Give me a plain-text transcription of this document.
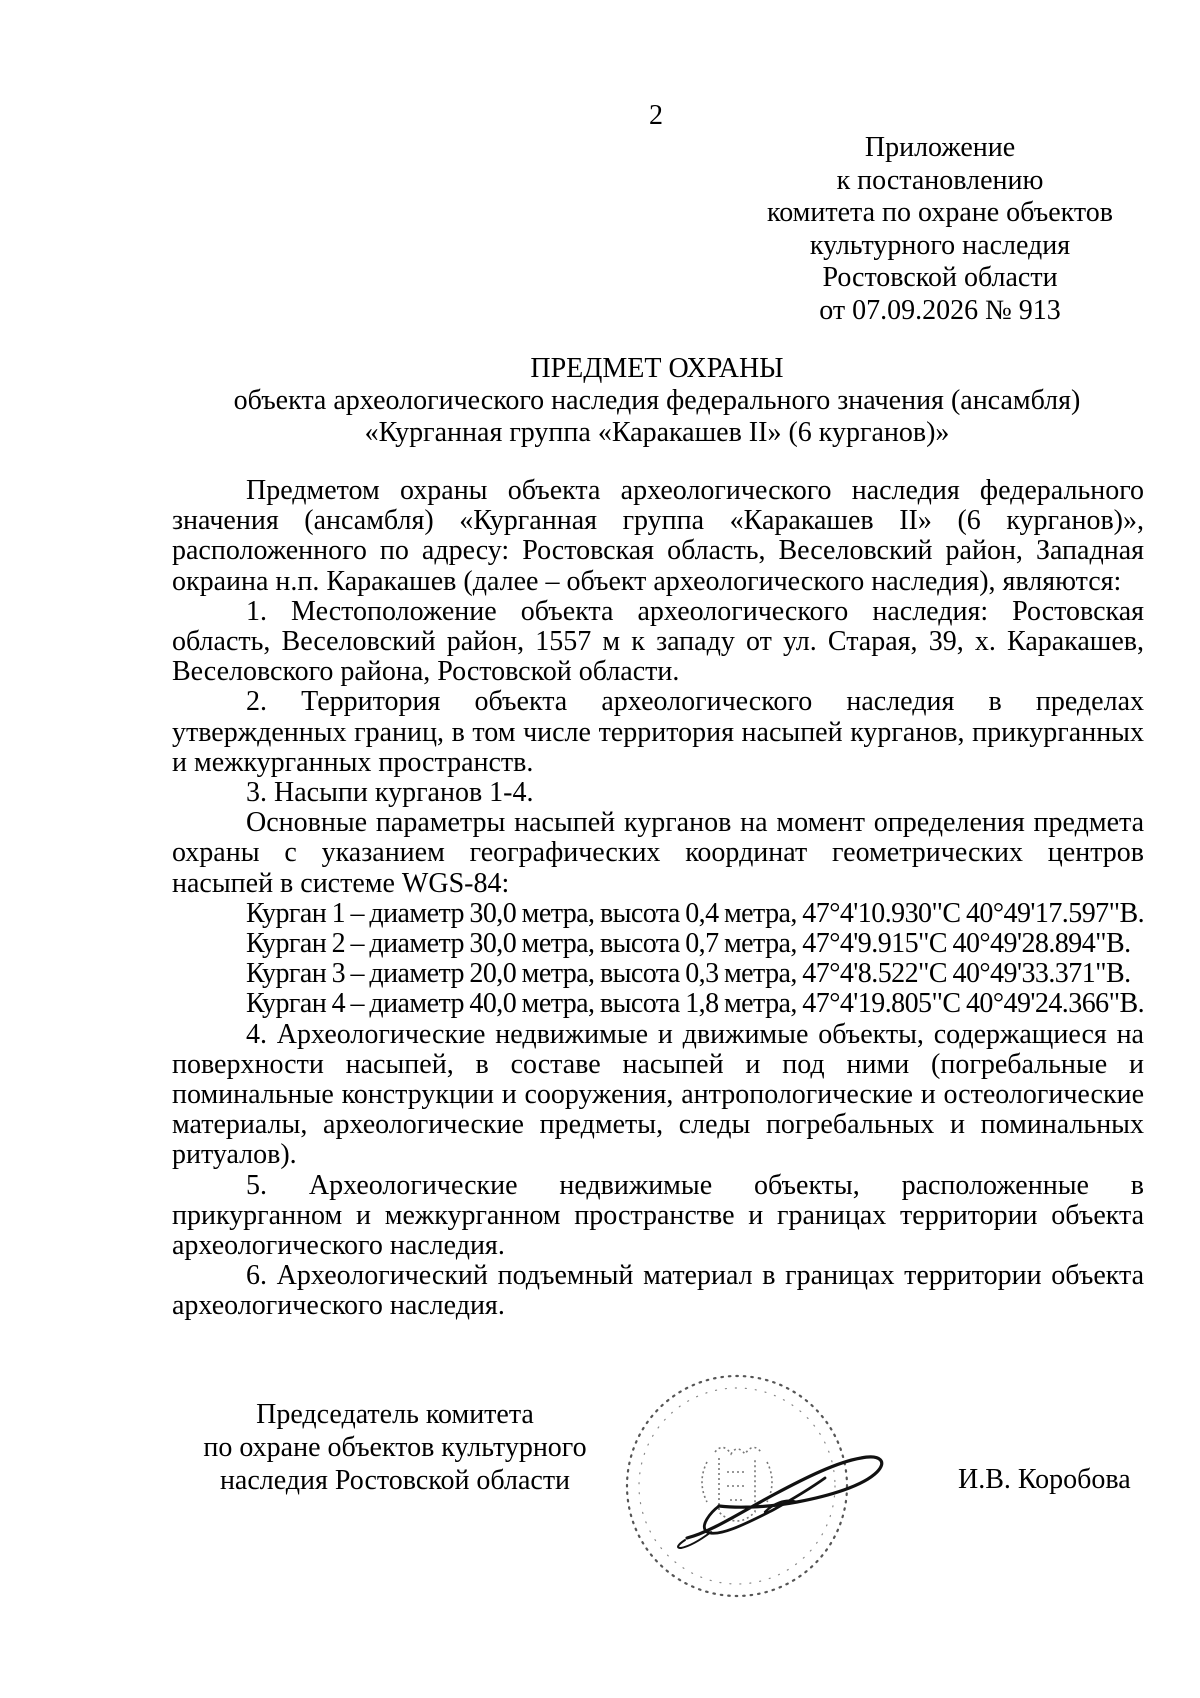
2
Приложение
к постановлению
комитета по охране объектов
культурного наследия
Ростовской области
от 07.09.2026 № 913
ПРЕДМЕТ ОХРАНЫ
объекта археологического наследия федерального значения (ансамбля)
«Курганная группа «Каракашев II» (6 курганов)»

Предметом охраны объекта археологического наследия федерального значения (ансамбля) «Курганная группа «Каракашев II» (6 курганов)», расположенного по адресу: Ростовская область, Веселовский район, Западная окраина н.п. Каракашев (далее – объект археологического наследия), являются:

1. Местоположение объекта археологического наследия: Ростовская область, Веселовский район, 1557 м к западу от ул. Старая, 39, х. Каракашев, Веселовского района, Ростовской области.

2. Территория объекта археологического наследия в пределах утвержденных границ, в том числе территория насыпей курганов, прикурганных и межкурганных пространств.

3. Насыпи курганов 1-4.

Основные параметры насыпей курганов на момент определения предмета охраны с указанием географических координат геометрических центров насыпей в системе WGS-84:

Курган 1 – диаметр 30,0 метра, высота 0,4 метра, 47°4'10.930"С 40°49'17.597"В.
Курган 2 – диаметр 30,0 метра, высота 0,7 метра, 47°4'9.915"С 40°49'28.894"В.
Курган 3 – диаметр 20,0 метра, высота 0,3 метра, 47°4'8.522"С 40°49'33.371"В.
Курган 4 – диаметр 40,0 метра, высота 1,8 метра, 47°4'19.805"С 40°49'24.366"В.

4. Археологические недвижимые и движимые объекты, содержащиеся на поверхности насыпей, в составе насыпей и под ними (погребальные и поминальные конструкции и сооружения, антропологические и остеологические материалы, археологические предметы, следы погребальных и поминальных ритуалов).

5. Археологические недвижимые объекты, расположенные в прикурганном и межкурганном пространстве и границах территории объекта археологического наследия.

6. Археологический подъемный материал в границах территории объекта археологического наследия.

Председатель комитета
по охране объектов культурного
наследия Ростовской области	И.В. Коробова
